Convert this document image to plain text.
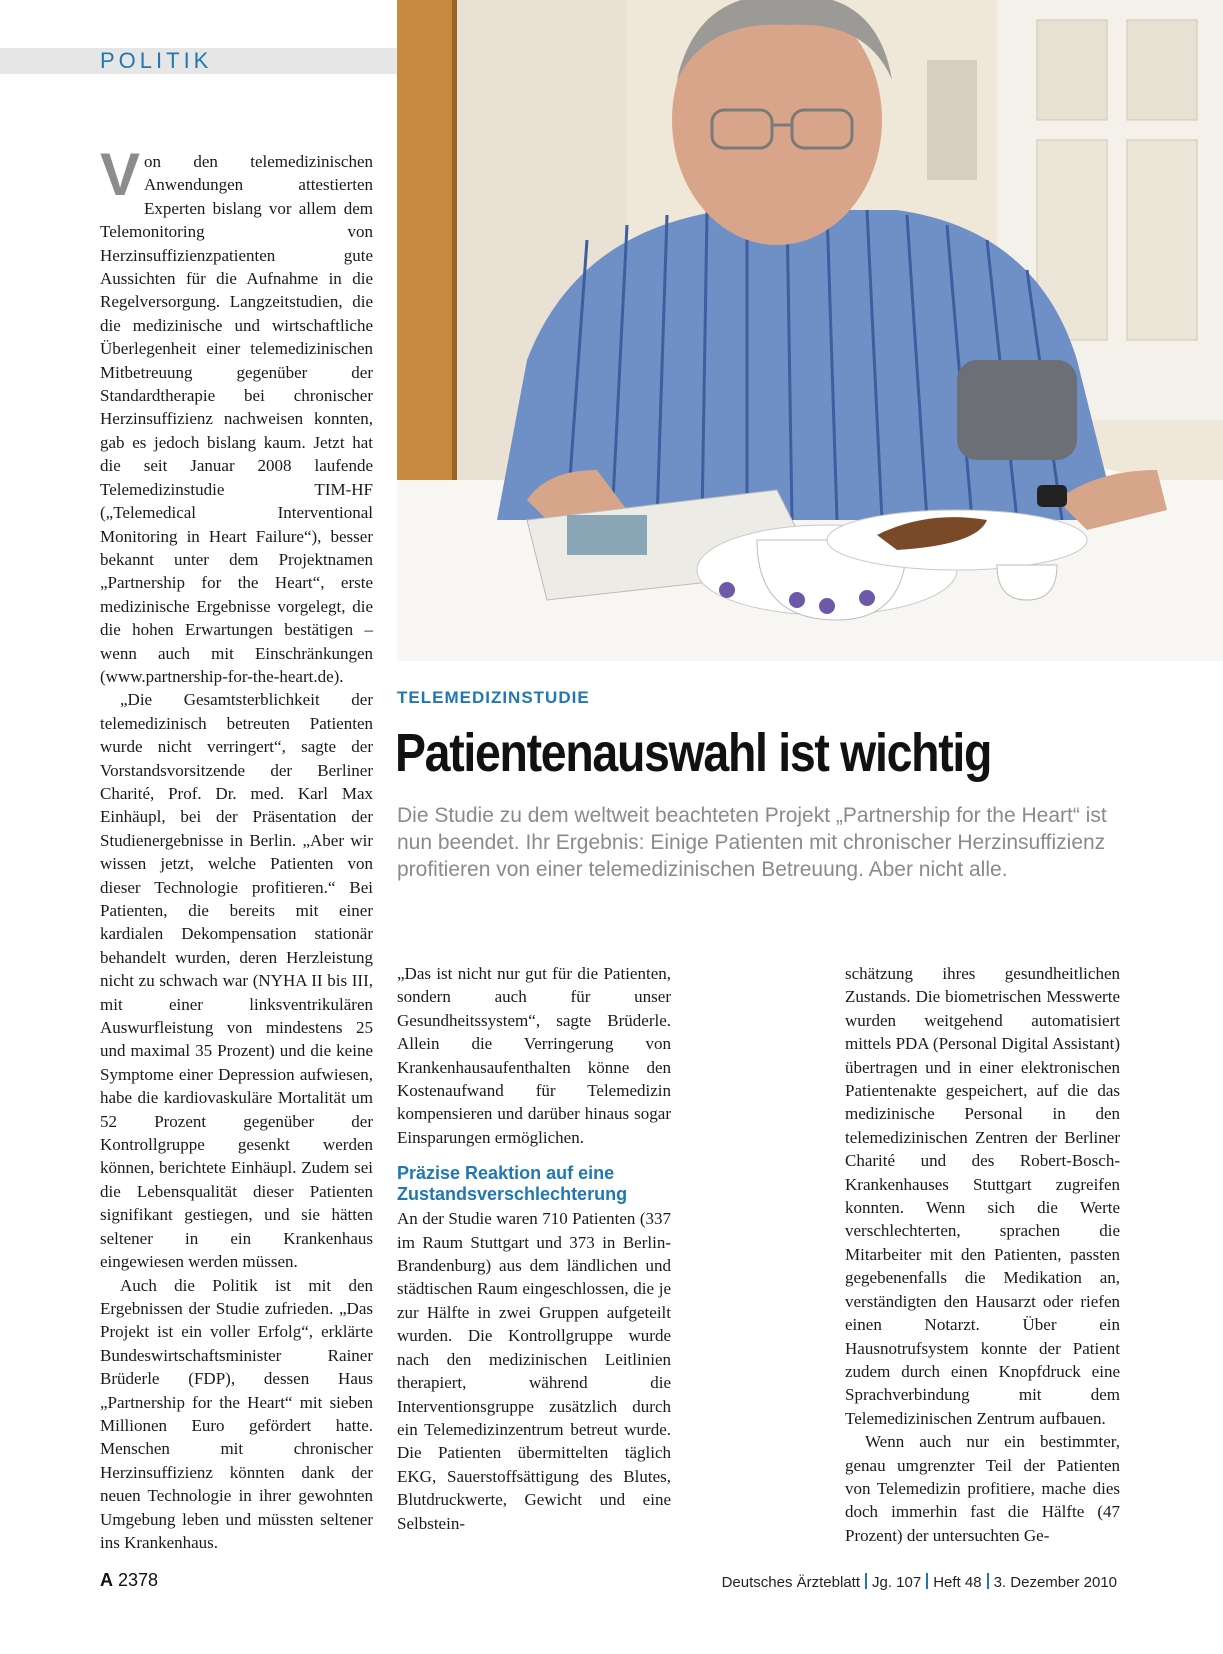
POLITIK

Von den telemedizinischen Anwendungen attestierten Experten bislang vor allem dem Telemonitoring von Herzinsuffizienzpatienten gute Aussichten für die Aufnahme in die Regelversorgung. Langzeitstudien, die die medizinische und wirtschaftliche Überlegenheit einer telemedizinischen Mitbetreuung gegenüber der Standardtherapie bei chronischer Herzinsuffizienz nachweisen konnten, gab es jedoch bislang kaum. Jetzt hat die seit Januar 2008 laufende Telemedizinstudie TIM-HF („Telemedical Interventional Monitoring in Heart Failure“), besser bekannt unter dem Projektnamen „Partnership for the Heart“, erste medizinische Ergebnisse vorgelegt, die die hohen Erwartungen bestätigen – wenn auch mit Einschränkungen (www.partnership-for-the-heart.de).

„Die Gesamtsterblichkeit der telemedizinisch betreuten Patienten wurde nicht verringert“, sagte der Vorstandsvorsitzende der Berliner Charité, Prof. Dr. med. Karl Max Einhäupl, bei der Präsentation der Studienergebnisse in Berlin. „Aber wir wissen jetzt, welche Patienten von dieser Technologie profitieren.“ Bei Patienten, die bereits mit einer kardialen Dekompensation stationär behandelt wurden, deren Herzleistung nicht zu schwach war (NYHA II bis III, mit einer linksventrikulären Auswurfleistung von mindestens 25 und maximal 35 Prozent) und die keine Symptome einer Depression aufwiesen, habe die kardiovaskuläre Mortalität um 52 Prozent gegenüber der Kontrollgruppe gesenkt werden können, berichtete Einhäupl. Zudem sei die Lebensqualität dieser Patienten signifikant gestiegen, und sie hätten seltener in ein Krankenhaus eingewiesen werden müssen.

Auch die Politik ist mit den Ergebnissen der Studie zufrieden. „Das Projekt ist ein voller Erfolg“, erklärte Bundeswirtschaftsminister Rainer Brüderle (FDP), dessen Haus „Partnership for the Heart“ mit sieben Millionen Euro gefördert hatte. Menschen mit chronischer Herzinsuffizienz könnten dank der neuen Technologie in ihrer gewohnten Umgebung leben und müssten seltener ins Krankenhaus.

TELEMEDIZINSTUDIE
Patientenauswahl ist wichtig
Die Studie zu dem weltweit beachteten Projekt „Partnership for the Heart“ ist nun beendet. Ihr Ergebnis: Einige Patienten mit chronischer Herzinsuffizienz profitieren von einer telemedizinischen Betreuung. Aber nicht alle.

„Das ist nicht nur gut für die Patienten, sondern auch für unser Gesundheitssystem“, sagte Brüderle. Allein die Verringerung von Krankenhausaufenthalten könne den Kostenaufwand für Telemedizin kompensieren und darüber hinaus sogar Einsparungen ermöglichen.

Präzise Reaktion auf eine Zustandsverschlechterung

An der Studie waren 710 Patienten (337 im Raum Stuttgart und 373 in Berlin-Brandenburg) aus dem ländlichen und städtischen Raum eingeschlossen, die je zur Hälfte in zwei Gruppen aufgeteilt wurden. Die Kontrollgruppe wurde nach den medizinischen Leitlinien therapiert, während die Interventionsgruppe zusätzlich durch ein Telemedizinzentrum betreut wurde. Die Patienten übermittelten täglich EKG, Sauerstoffsättigung des Blutes, Blutdruckwerte, Gewicht und eine Selbstein-

schätzung ihres gesundheitlichen Zustands. Die biometrischen Messwerte wurden weitgehend automatisiert mittels PDA (Personal Digital Assistant) übertragen und in einer elektronischen Patientenakte gespeichert, auf die das medizinische Personal in den telemedizinischen Zentren der Berliner Charité und des Robert-Bosch-Krankenhauses Stuttgart zugreifen konnten. Wenn sich die Werte verschlechterten, sprachen die Mitarbeiter mit den Patienten, passten gegebenenfalls die Medikation an, verständigten den Hausarzt oder riefen einen Notarzt. Über ein Hausnotrufsystem konnte der Patient zudem durch einen Knopfdruck eine Sprachverbindung mit dem Telemedizinischen Zentrum aufbauen.

Wenn auch nur ein bestimmter, genau umgrenzter Teil der Patienten von Telemedizin profitiere, mache dies doch immerhin fast die Hälfte (47 Prozent) der untersuchten Ge-

A 2378	Deutsches Ärzteblatt Jg. 107 Heft 48 3. Dezember 2010
